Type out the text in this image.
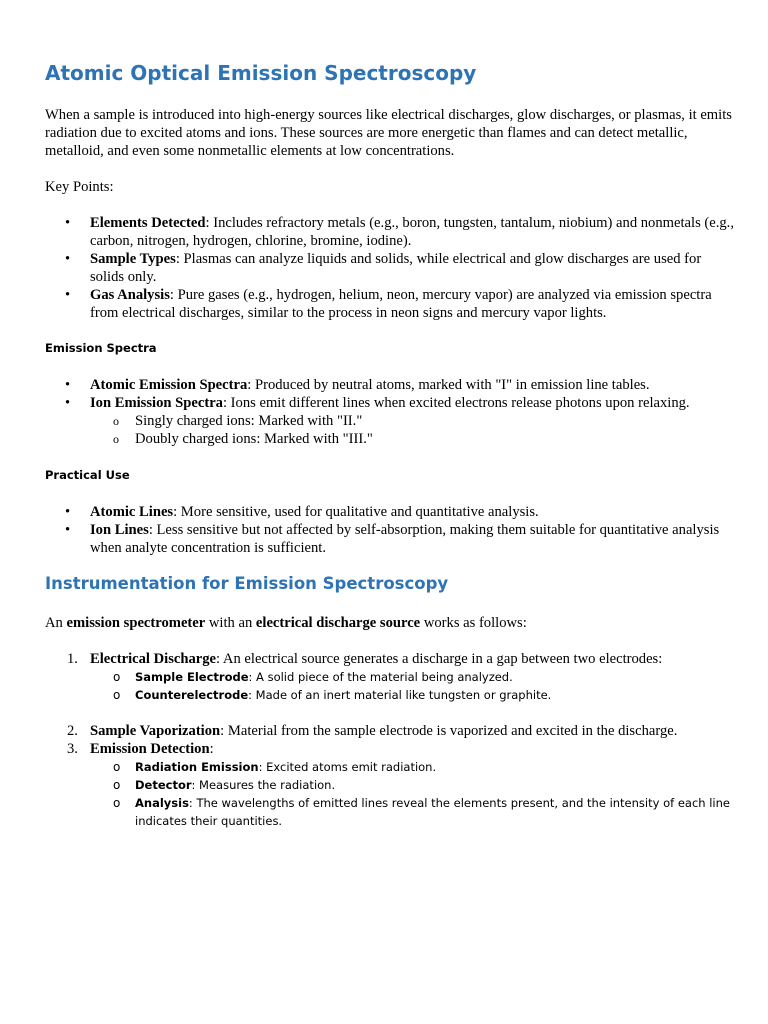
Atomic Optical Emission Spectroscopy

When a sample is introduced into high-energy sources like electrical discharges, glow discharges, or plasmas, it emits radiation due to excited atoms and ions. These sources are more energetic than flames and can detect metallic, metalloid, and even some nonmetallic elements at low concentrations.

Key Points:

• Elements Detected: Includes refractory metals (e.g., boron, tungsten, tantalum, niobium) and nonmetals (e.g., carbon, nitrogen, hydrogen, chlorine, bromine, iodine).
• Sample Types: Plasmas can analyze liquids and solids, while electrical and glow discharges are used for solids only.
• Gas Analysis: Pure gases (e.g., hydrogen, helium, neon, mercury vapor) are analyzed via emission spectra from electrical discharges, similar to the process in neon signs and mercury vapor lights.
Emission Spectra
• Atomic Emission Spectra: Produced by neutral atoms, marked with "I" in emission line tables.
• Ion Emission Spectra: Ions emit different lines when excited electrons release photons upon relaxing.
o Singly charged ions: Marked with "II."
o Doubly charged ions: Marked with "III."
Practical Use
• Atomic Lines: More sensitive, used for qualitative and quantitative analysis.
• Ion Lines: Less sensitive but not affected by self-absorption, making them suitable for quantitative analysis when analyte concentration is sufficient.
Instrumentation for Emission Spectroscopy

An emission spectrometer with an electrical discharge source works as follows:

1. Electrical Discharge: An electrical source generates a discharge in a gap between two electrodes:
o Sample Electrode: A solid piece of the material being analyzed.
o Counterelectrode: Made of an inert material like tungsten or graphite.
2. Sample Vaporization: Material from the sample electrode is vaporized and excited in the discharge.
3. Emission Detection:
o Radiation Emission: Excited atoms emit radiation.
o Detector: Measures the radiation.
o Analysis: The wavelengths of emitted lines reveal the elements present, and the intensity of each line indicates their quantities.
